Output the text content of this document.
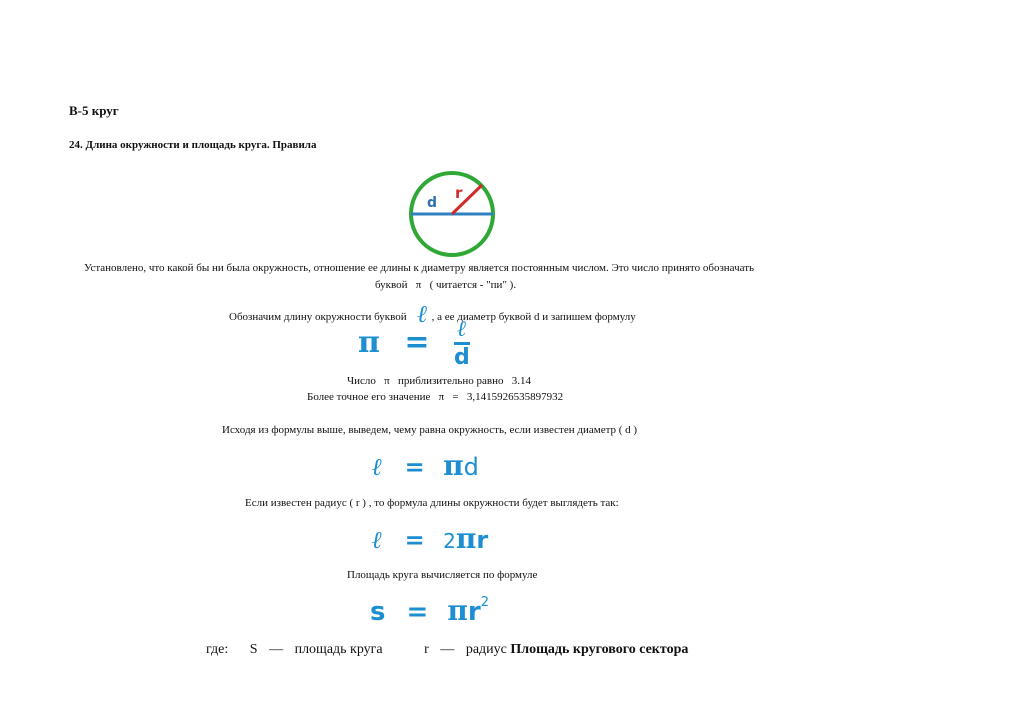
B-5 круг
24. Длина окружности и площадь круга. Правила
d
r
Установлено, что какой бы ни была окружность, отношение ее длины к диаметру является постоянным числом. Это число принято обозначать
буквой π ( читается - "пи" ).
Обозначим длину окружности буквой ℓ , а ее диаметр буквой d и запишем формулу
$\pi = \frac{\text{ℓ}}{d}$
Число π приблизительно равно 3.14
Более точное его значение π = 3,1415926535897932
Исходя из формулы выше, выведем, чему равна окружность, если известен диаметр ( d )
ℓ = πd
Если известен радиус ( r ) , то формула длины окружности будет выглядеть так:
ℓ = 2πr
Площадь круга вычисляется по формуле
$s = \pi r^2$
где: S — площадь круга	r — радиус Площадь кругового сектора
